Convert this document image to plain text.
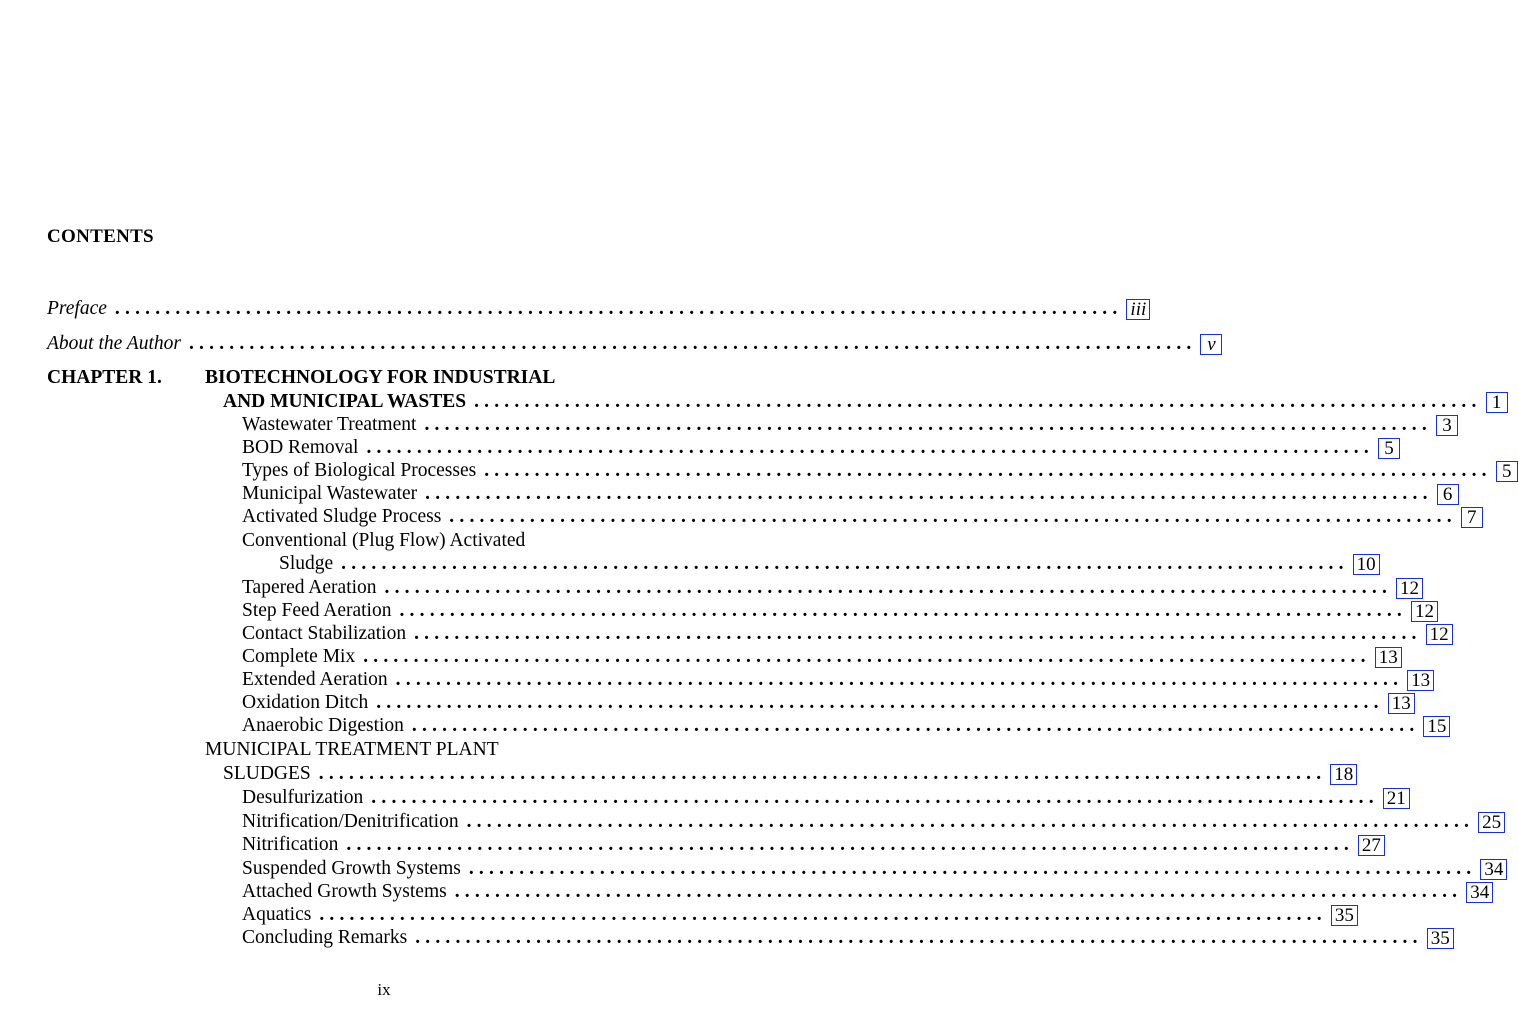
CONTENTS
Preface .................................................................................................... iii
About the Author .................................................................................................... v
CHAPTER 1.	BIOTECHNOLOGY FOR INDUSTRIAL
AND MUNICIPAL WASTES .................................................................................................... 1
Wastewater Treatment .................................................................................................... 3
BOD Removal .................................................................................................... 5
Types of Biological Processes .................................................................................................... 5
Municipal Wastewater .................................................................................................... 6
Activated Sludge Process .................................................................................................... 7
Conventional (Plug Flow) Activated
Sludge .................................................................................................... 10
Tapered Aeration .................................................................................................... 12
Step Feed Aeration .................................................................................................... 12
Contact Stabilization .................................................................................................... 12
Complete Mix .................................................................................................... 13
Extended Aeration .................................................................................................... 13
Oxidation Ditch .................................................................................................... 13
Anaerobic Digestion .................................................................................................... 15
MUNICIPAL TREATMENT PLANT
SLUDGES .................................................................................................... 18
Desulfurization .................................................................................................... 21
Nitrification/Denitrification .................................................................................................... 25
Nitrification .................................................................................................... 27
Suspended Growth Systems .................................................................................................... 34
Attached Growth Systems .................................................................................................... 34
Aquatics .................................................................................................... 35
Concluding Remarks .................................................................................................... 35
ix
